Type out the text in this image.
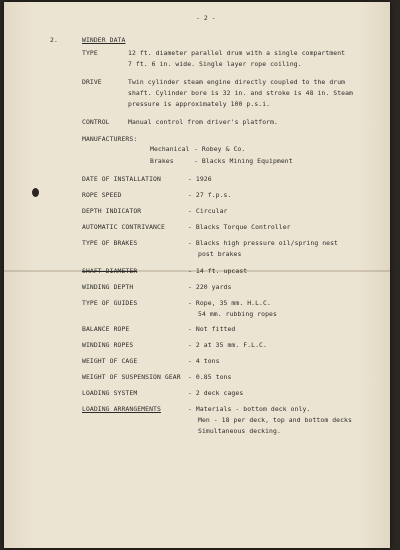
- 2 -
2.	WINDER DATA
TYPE	12 ft. diameter parallel drum with a single compartment
7 ft. 6 in. wide. Single layer rope coiling.
DRIVE	Twin cylinder steam engine directly coupled to the drum
shaft. Cylinder bore is 32 in. and stroke is 48 in. Steam
pressure is approximately 100 p.s.i.
CONTROL	Manual control from driver's platform.
MANUFACTURERS:
Mechanical - Robey & Co.
Brakes	- Blacks Mining Equipment
DATE OF INSTALLATION	- 1926
ROPE SPEED	- 27 f.p.s.
DEPTH INDICATOR	- Circular
AUTOMATIC CONTRIVANCE	- Blacks Torque Controller
TYPE OF BRAKES	- Blacks high pressure oil/spring nest
post brakes
SHAFT DIAMETER	- 14 ft. upcast
WINDING DEPTH	- 220 yards
TYPE OF GUIDES	- Rope, 35 mm. H.L.C.
54 mm. rubbing ropes
BALANCE ROPE	- Not fitted
WINDING ROPES	- 2 at 35 mm. F.L.C.
WEIGHT OF CAGE	- 4 tons
WEIGHT OF SUSPENSION GEAR - 0.85 tons
LOADING SYSTEM	- 2 deck cages
LOADING ARRANGEMENTS	- Materials - bottom deck only.
Men - 18 per deck, top and bottom decks
Simultaneous decking.
